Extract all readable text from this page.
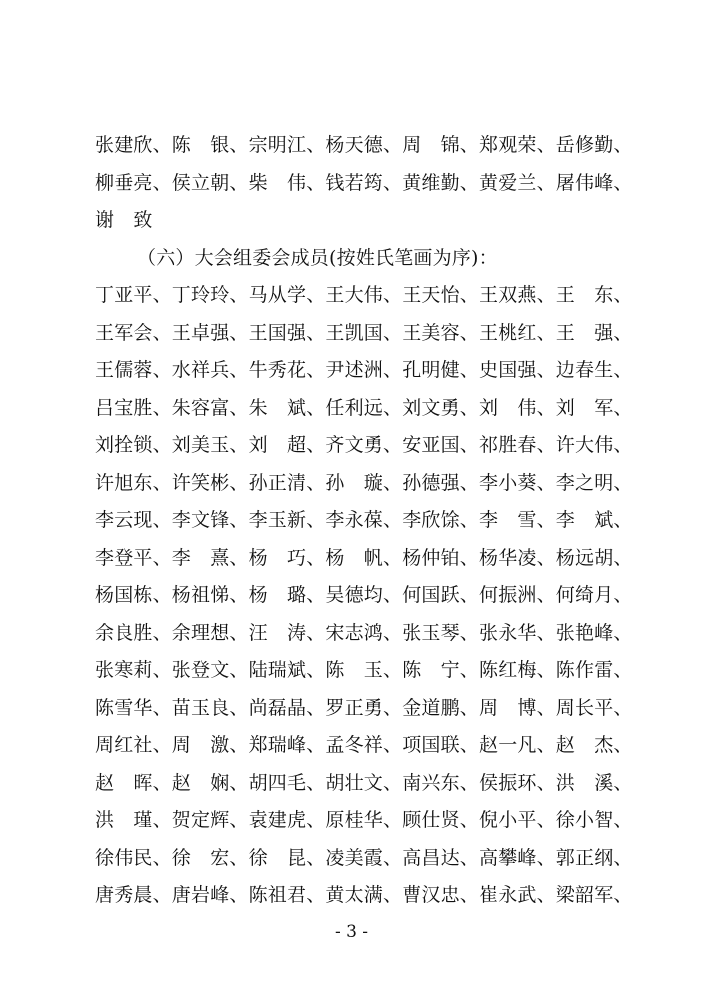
张建欣、陈　银、宗明江、杨天德、周　锦、郑观荣、岳修勤、
柳垂亮、侯立朝、柴　伟、钱若筠、黄维勤、黄爱兰、屠伟峰、
谢　致
（六）大会组委会成员(按姓氏笔画为序)：
丁亚平、丁玲玲、马从学、王大伟、王天怡、王双燕、王　东、
王军会、王卓强、王国强、王凯国、王美容、王桃红、王　强、
王儒蓉、水祥兵、牛秀花、尹述洲、孔明健、史国强、边春生、
吕宝胜、朱容富、朱　斌、任利远、刘文勇、刘　伟、刘　军、
刘拴锁、刘美玉、刘　超、齐文勇、安亚国、祁胜春、许大伟、
许旭东、许笑彬、孙正清、孙　璇、孙德强、李小葵、李之明、
李云现、李文锋、李玉新、李永葆、李欣馀、李　雪、李　斌、
李登平、李　熹、杨　巧、杨　帆、杨仲铂、杨华凌、杨远胡、
杨国栋、杨祖悌、杨　璐、吴德均、何国跃、何振洲、何绮月、
余良胜、余理想、汪　涛、宋志鸿、张玉琴、张永华、张艳峰、
张寒莉、张登文、陆瑞斌、陈　玉、陈　宁、陈红梅、陈作雷、
陈雪华、苗玉良、尚磊晶、罗正勇、金道鹏、周　博、周长平、
周红社、周　激、郑瑞峰、孟冬祥、项国联、赵一凡、赵　杰、
赵　晖、赵　娴、胡四毛、胡壮文、南兴东、侯振环、洪　溪、
洪　瑾、贺定辉、袁建虎、原桂华、顾仕贤、倪小平、徐小智、
徐伟民、徐　宏、徐　昆、凌美霞、高昌达、高攀峰、郭正纲、
唐秀晨、唐岩峰、陈祖君、黄太满、曹汉忠、崔永武、梁韶军、
- 3 -
